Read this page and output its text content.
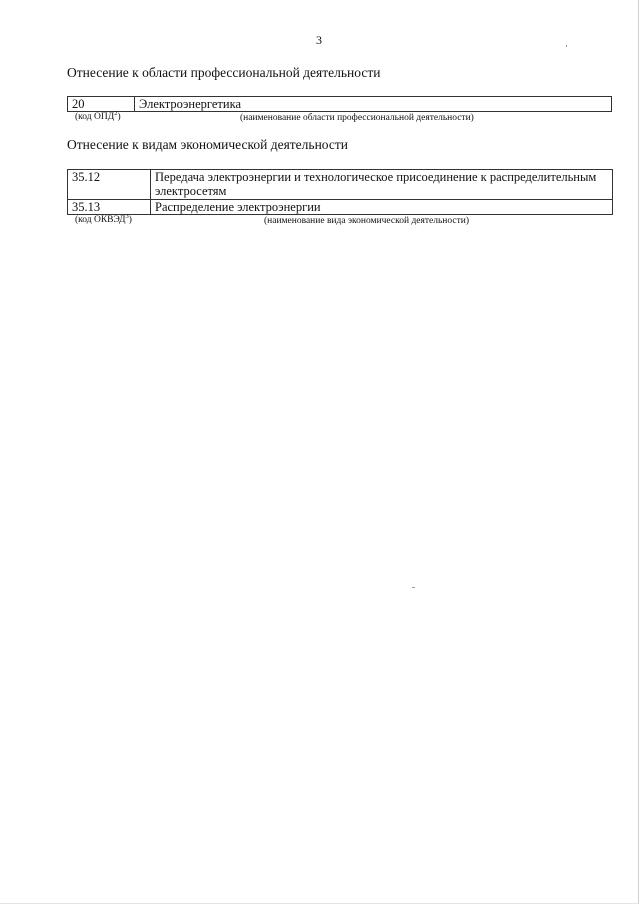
3
Отнесение к области профессиональной деятельности
20	Электроэнергетика
(код ОПД$^2$)	(наименование области профессиональной деятельности)
Отнесение к видам экономической деятельности
35.12	Передача электроэнергии и технологическое присоединение к распределительным электросетям
35.13	Распределение электроэнергии
(код ОКВЭД$^3$)	(наименование вида экономической деятельности)
